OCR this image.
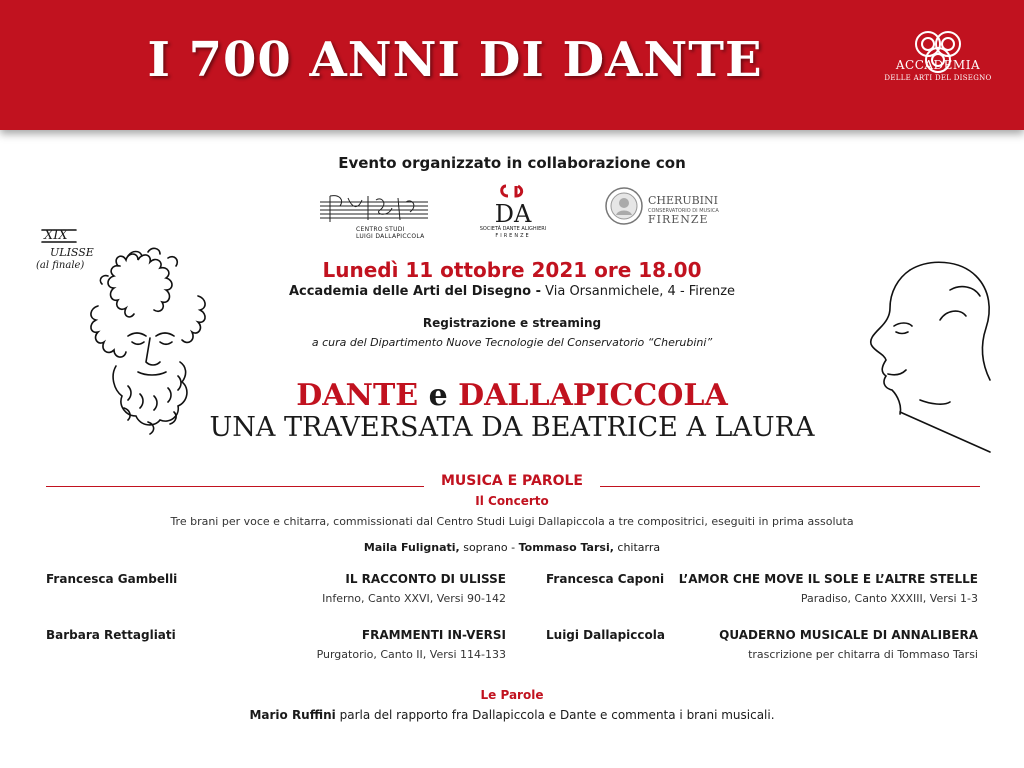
I 700 ANNI DI DANTE	ACCADEMIA
DELLE ARTI DEL DISEGNO
Evento organizzato in collaborazione con
CENTRO STUDI
LUIGI DALLAPICCOLA
DA
SOCIETÀ DANTE ALIGHIERI
FIRENZE
CHERUBINI
CONSERVATORIO DI MUSICA
FIRENZE
Lunedì 11 ottobre 2021 ore 18.00
Accademia delle Arti del Disegno - Via Orsanmichele, 4 - Firenze
Registrazione e streaming
a cura del Dipartimento Nuove Tecnologie del Conservatorio “Cherubini”
DANTE e DALLAPICCOLA
UNA TRAVERSATA DA BEATRICE A LAURA
XIX
ULISSE
(al finale)
MUSICA E PAROLE
Il Concerto
Tre brani per voce e chitarra, commissionati dal Centro Studi Luigi Dallapiccola a tre compositrici, eseguiti in prima assoluta
Maila Fulignati, soprano - Tommaso Tarsi, chitarra
Francesca Gambelli	IL RACCONTO DI ULISSE
Inferno, Canto XXVI, Versi 90-142
Francesca Caponi	L’AMOR CHE MOVE IL SOLE E L’ALTRE STELLE
Paradiso, Canto XXXIII, Versi 1-3
Barbara Rettagliati	FRAMMENTI IN-VERSI
Purgatorio, Canto II, Versi 114-133
Luigi Dallapiccola	QUADERNO MUSICALE DI ANNALIBERA
trascrizione per chitarra di Tommaso Tarsi
Le Parole
Mario Ruffini parla del rapporto fra Dallapiccola e Dante e commenta i brani musicali.
